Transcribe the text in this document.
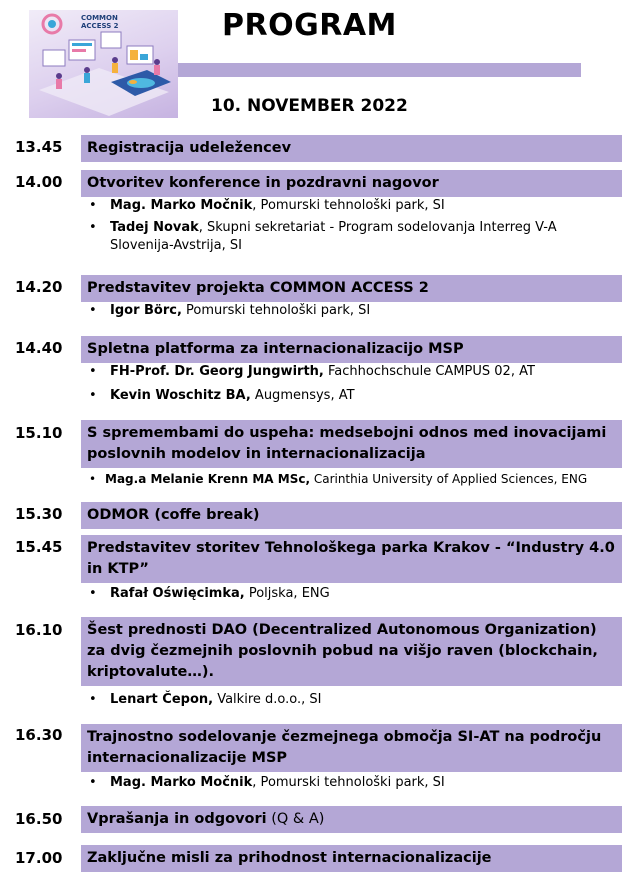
COMMON
ACCESS 2	PROGRAM
10. NOVEMBER 2022
13.45	Registracija udeležencev
14.00	Otvoritev konference in pozdravni nagovor
•	Mag. Marko Močnik, Pomurski tehnološki park, SI
•	Tadej Novak, Skupni sekretariat - Program sodelovanja Interreg V-A Slovenija-Avstrija, SI
14.20	Predstavitev projekta COMMON ACCESS 2
•	Igor Börc, Pomurski tehnološki park, SI
14.40	Spletna platforma za internacionalizacijo MSP
•	FH-Prof. Dr. Georg Jungwirth, Fachhochschule CAMPUS 02, AT
•	Kevin Woschitz BA, Augmensys, AT
15.10	S spremembami do uspeha: medsebojni odnos med inovacijami poslovnih modelov in internacionalizacija
• Mag.a Melanie Krenn MA MSc, Carinthia University of Applied Sciences, ENG
15.30	ODMOR (coffe break)
15.45	Predstavitev storitev Tehnološkega parka Krakov - “Industry 4.0 in KTP”
•	Rafał Oświęcimka, Poljska, ENG
16.10	Šest prednosti DAO (Decentralized Autonomous Organization) za dvig čezmejnih poslovnih pobud na višjo raven (blockchain, kriptovalute…).
•	Lenart Čepon, Valkire d.o.o., SI
16.30	Trajnostno sodelovanje čezmejnega območja SI-AT na področju internacionalizacije MSP
•	Mag. Marko Močnik, Pomurski tehnološki park, SI
16.50	Vprašanja in odgovori (Q & A)
17.00	Zaključne misli za prihodnost internacionalizacije
